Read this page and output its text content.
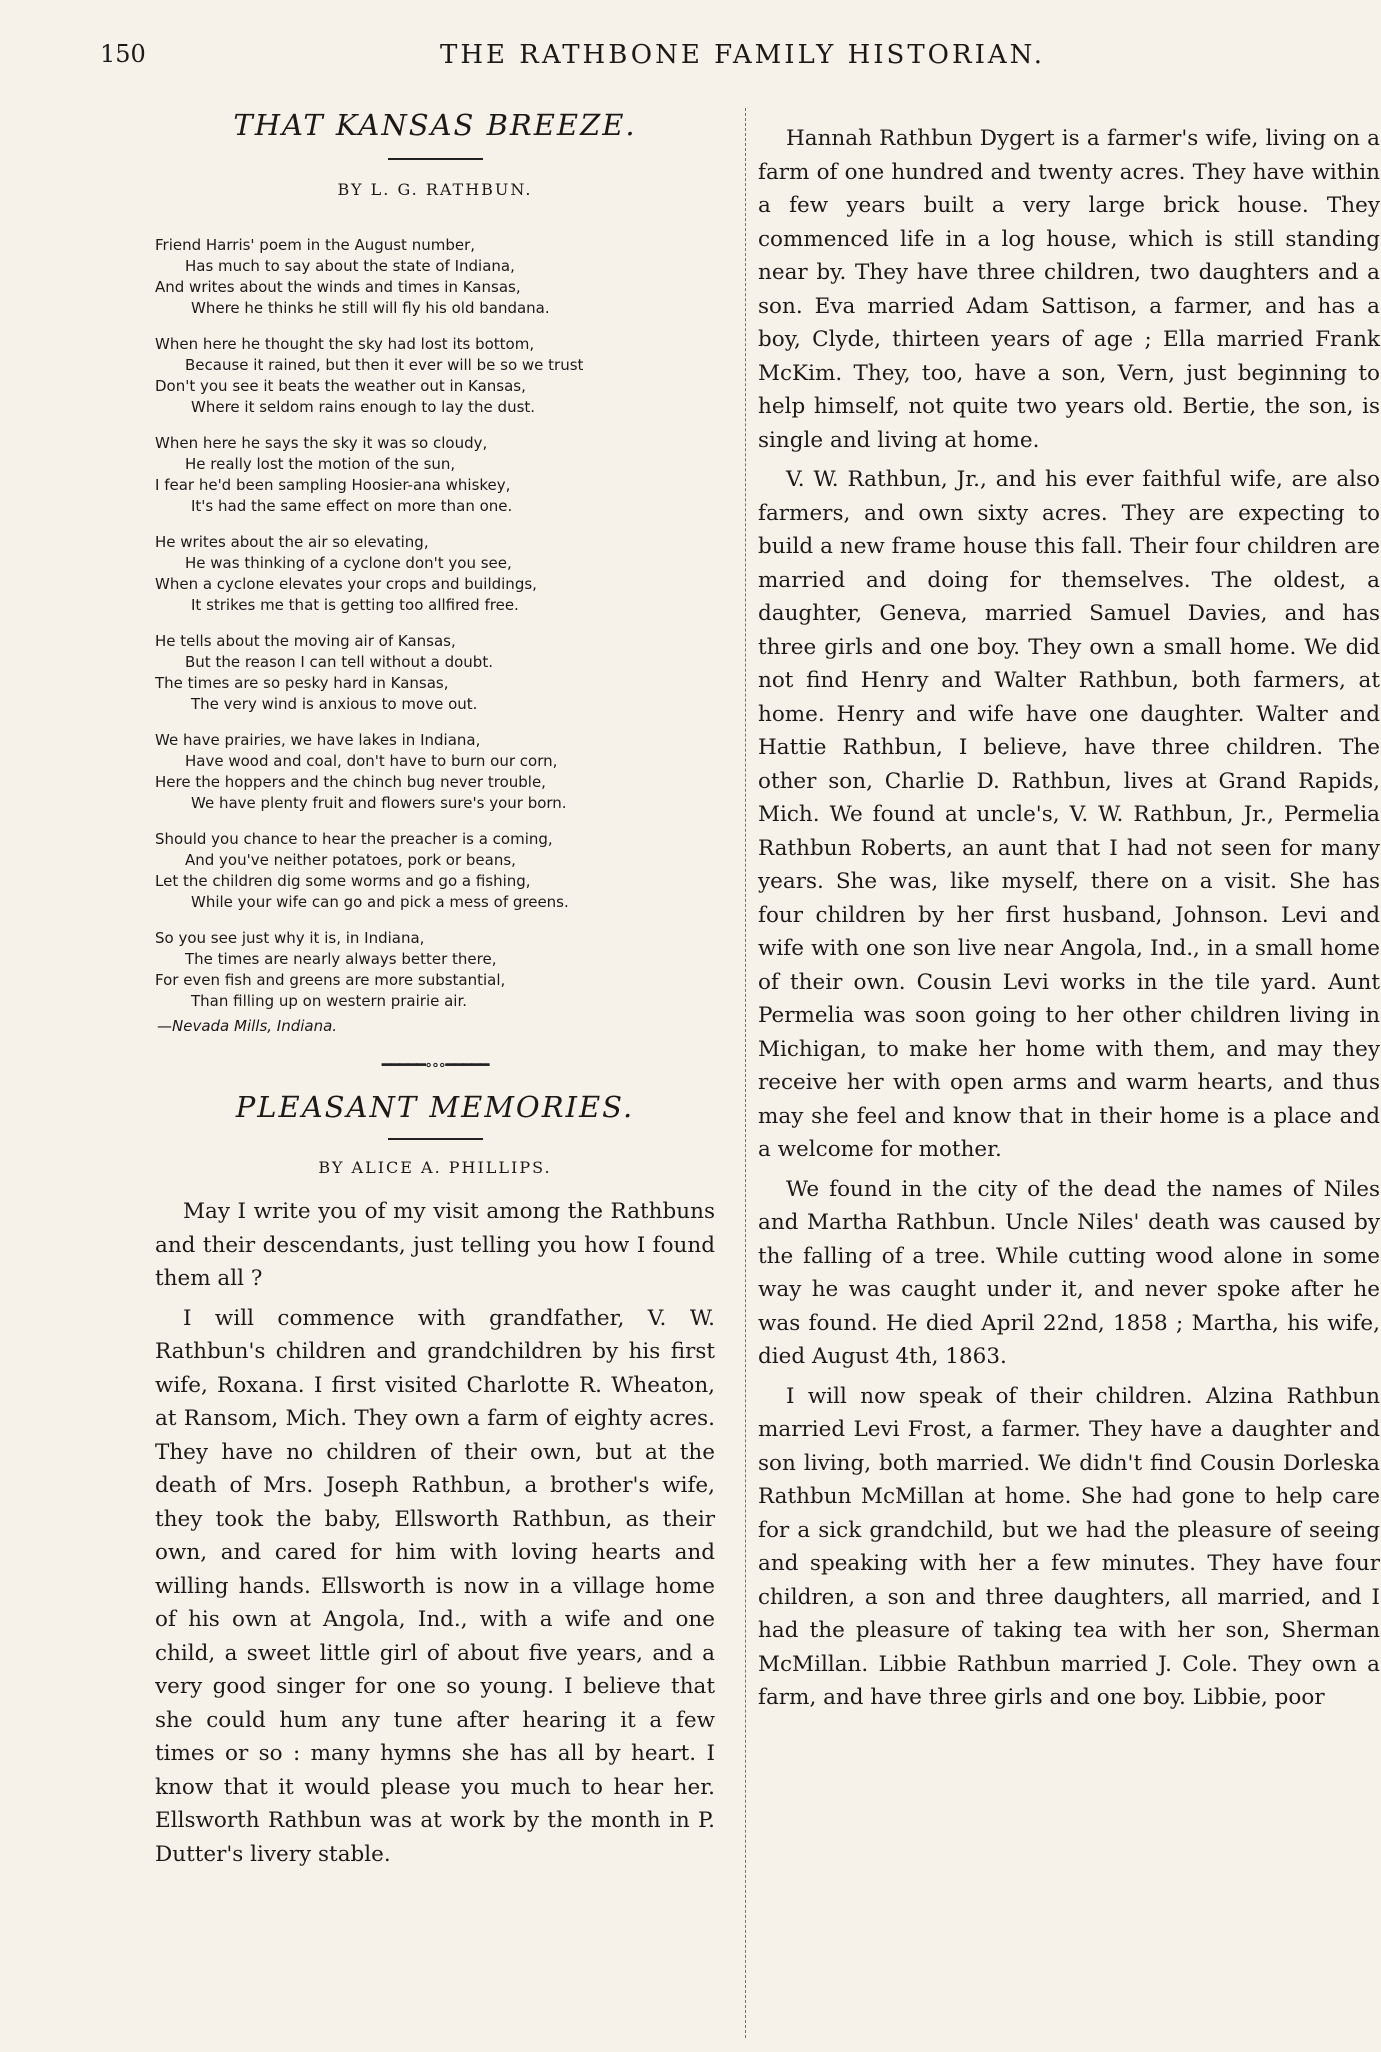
150	THE RATHBONE FAMILY HISTORIAN.
THAT KANSAS BREEZE.
BY L. G. RATHBUN.
Friend Harris' poem in the August number,
Has much to say about the state of Indiana,
And writes about the winds and times in Kansas,
Where he thinks he still will fly his old bandana.
When here he thought the sky had lost its bottom,
Because it rained, but then it ever will be so we trust
Don't you see it beats the weather out in Kansas,
Where it seldom rains enough to lay the dust.
When here he says the sky it was so cloudy,
He really lost the motion of the sun,
I fear he'd been sampling Hoosier-ana whiskey,
It's had the same effect on more than one.
He writes about the air so elevating,
He was thinking of a cyclone don't you see,
When a cyclone elevates your crops and buildings,
It strikes me that is getting too allfired free.
He tells about the moving air of Kansas,
But the reason I can tell without a doubt.
The times are so pesky hard in Kansas,
The very wind is anxious to move out.
We have prairies, we have lakes in Indiana,
Have wood and coal, don't have to burn our corn,
Here the hoppers and the chinch bug never trouble,
We have plenty fruit and flowers sure's your born.
Should you chance to hear the preacher is a coming,
And you've neither potatoes, pork or beans,
Let the children dig some worms and go a fishing,
While your wife can go and pick a mess of greens.
So you see just why it is, in Indiana,
The times are nearly always better there,
For even fish and greens are more substantial,
Than filling up on western prairie air.
—Nevada Mills, Indiana.
━━━━━∘∘∘━━━━━
PLEASANT MEMORIES.
BY ALICE A. PHILLIPS.

May I write you of my visit among the Rathbuns and their descendants, just telling you how I found them all ?

I will commence with grandfather, V. W. Rathbun's children and grandchildren by his first wife, Roxana. I first visited Charlotte R. Wheaton, at Ransom, Mich. They own a farm of eighty acres. They have no children of their own, but at the death of Mrs. Joseph Rathbun, a brother's wife, they took the baby, Ellsworth Rathbun, as their own, and cared for him with loving hearts and willing hands. Ellsworth is now in a village home of his own at Angola, Ind., with a wife and one child, a sweet little girl of about five years, and a very good singer for one so young. I believe that she could hum any tune after hearing it a few times or so : many hymns she has all by heart. I know that it would please you much to hear her. Ellsworth Rathbun was at work by the month in P. Dutter's livery stable.

Hannah Rathbun Dygert is a farmer's wife, living on a farm of one hundred and twenty acres. They have within a few years built a very large brick house. They commenced life in a log house, which is still standing near by. They have three children, two daughters and a son. Eva married Adam Sattison, a farmer, and has a boy, Clyde, thirteen years of age ; Ella married Frank McKim. They, too, have a son, Vern, just beginning to help himself, not quite two years old. Bertie, the son, is single and living at home.

V. W. Rathbun, Jr., and his ever faithful wife, are also farmers, and own sixty acres. They are expecting to build a new frame house this fall. Their four children are married and doing for themselves. The oldest, a daughter, Geneva, married Samuel Davies, and has three girls and one boy. They own a small home. We did not find Henry and Walter Rathbun, both farmers, at home. Henry and wife have one daughter. Walter and Hattie Rathbun, I believe, have three children. The other son, Charlie D. Rathbun, lives at Grand Rapids, Mich. We found at uncle's, V. W. Rathbun, Jr., Permelia Rathbun Roberts, an aunt that I had not seen for many years. She was, like myself, there on a visit. She has four children by her first husband, Johnson. Levi and wife with one son live near Angola, Ind., in a small home of their own. Cousin Levi works in the tile yard. Aunt Permelia was soon going to her other children living in Michigan, to make her home with them, and may they receive her with open arms and warm hearts, and thus may she feel and know that in their home is a place and a welcome for mother.

We found in the city of the dead the names of Niles and Martha Rathbun. Uncle Niles' death was caused by the falling of a tree. While cutting wood alone in some way he was caught under it, and never spoke after he was found. He died April 22nd, 1858 ; Martha, his wife, died August 4th, 1863.

I will now speak of their children. Alzina Rathbun married Levi Frost, a farmer. They have a daughter and son living, both married. We didn't find Cousin Dorleska Rathbun McMillan at home. She had gone to help care for a sick grandchild, but we had the pleasure of seeing and speaking with her a few minutes. They have four children, a son and three daughters, all married, and I had the pleasure of taking tea with her son, Sherman McMillan. Libbie Rathbun married J. Cole. They own a farm, and have three girls and one boy. Libbie, poor
